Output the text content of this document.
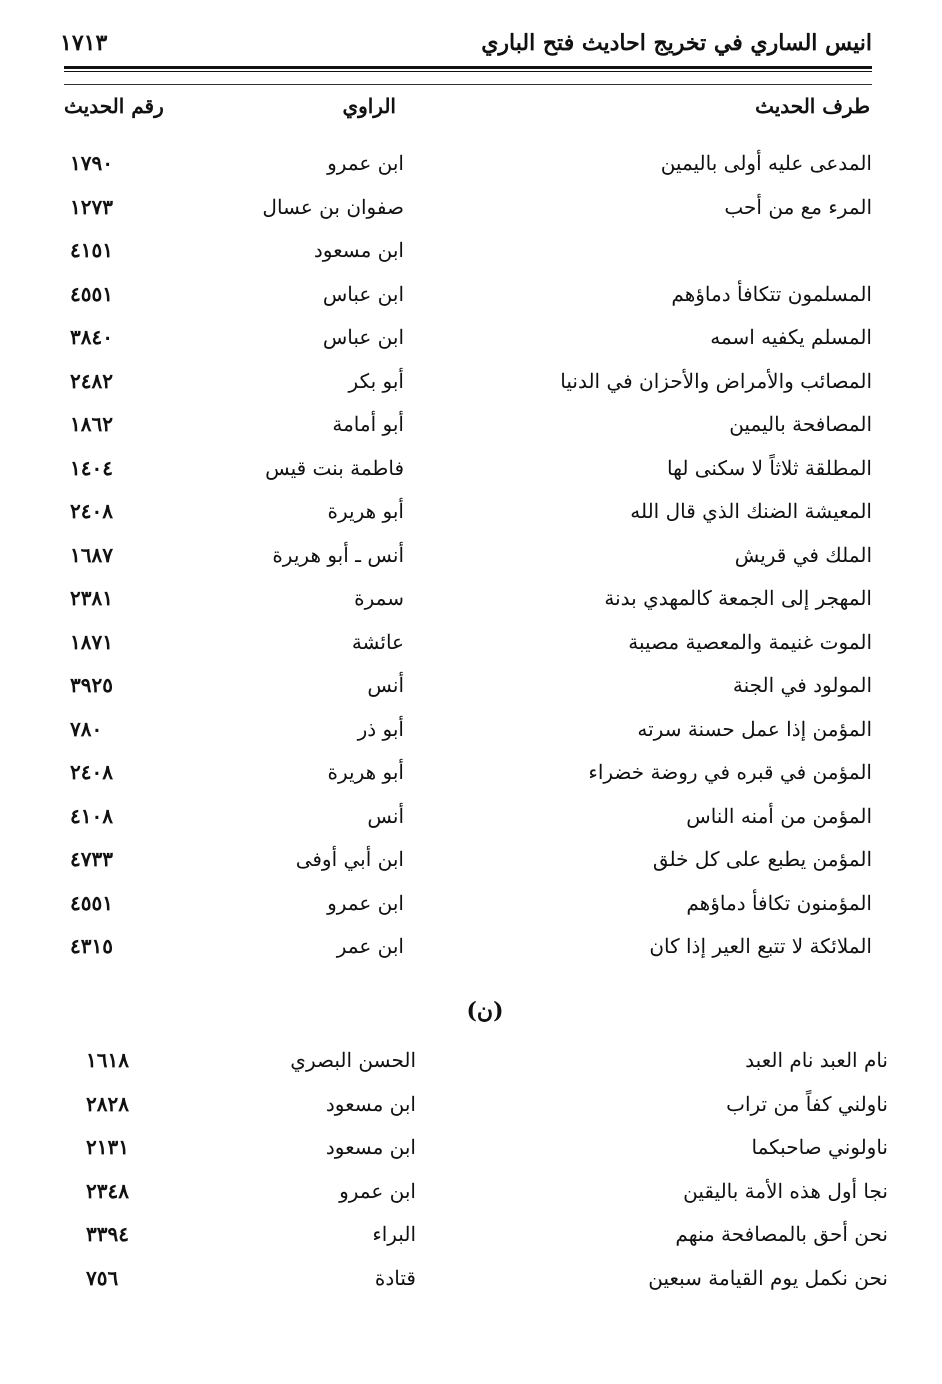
انيس الساري في تخريج احاديث فتح الباري
١٧١٣
طرف الحديث
الراوي
رقم الحديث
المدعى عليه أولى باليمين
ابن عمرو
١٧٩٠
المرء مع من أحب
صفوان بن عسال
١٢٧٣
ابن مسعود
٤١٥١
المسلمون تتكافأ دماؤهم
ابن عباس
٤٥٥١
المسلم يكفيه اسمه
ابن عباس
٣٨٤٠
المصائب والأمراض والأحزان في الدنيا
أبو بكر
٢٤٨٢
المصافحة باليمين
أبو أمامة
١٨٦٢
المطلقة ثلاثاً لا سكنى لها
فاطمة بنت قيس
١٤٠٤
المعيشة الضنك الذي قال الله
أبو هريرة
٢٤٠٨
الملك في قريش
أنس ـ أبو هريرة
١٦٨٧
المهجر إلى الجمعة كالمهدي بدنة
سمرة
٢٣٨١
الموت غنيمة والمعصية مصيبة
عائشة
١٨٧١
المولود في الجنة
أنس
٣٩٢٥
المؤمن إذا عمل حسنة سرته
أبو ذر
٧٨٠
المؤمن في قبره في روضة خضراء
أبو هريرة
٢٤٠٨
المؤمن من أمنه الناس
أنس
٤١٠٨
المؤمن يطبع على كل خلق
ابن أبي أوفى
٤٧٣٣
المؤمنون تكافأ دماؤهم
ابن عمرو
٤٥٥١
الملائكة لا تتبع العير إذا كان
ابن عمر
٤٣١٥
(ن)
نام العبد نام العبد
الحسن البصري
١٦١٨
ناولني كفاً من تراب
ابن مسعود
٢٨٢٨
ناولوني صاحبكما
ابن مسعود
٢١٣١
نجا أول هذه الأمة باليقين
ابن عمرو
٢٣٤٨
نحن أحق بالمصافحة منهم
البراء
٣٣٩٤
نحن نكمل يوم القيامة سبعين
قتادة
٧٥٦
